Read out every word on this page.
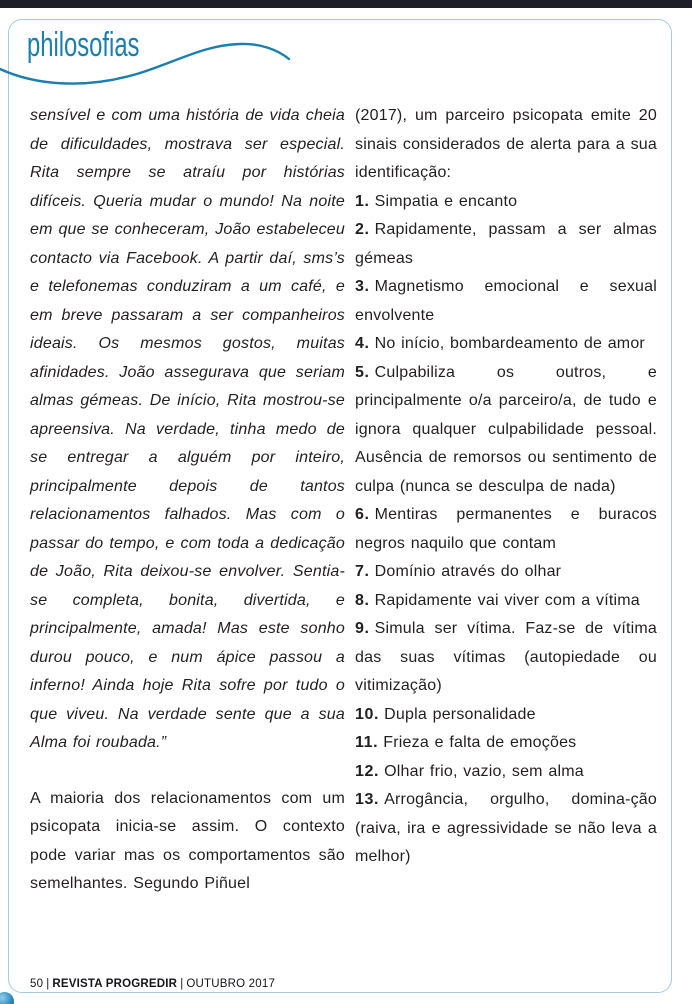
philosofias

sensível e com uma história de vida cheia de dificuldades, mostrava ser especial. Rita sempre se atraíu por histórias difíceis. Queria mudar o mundo! Na noite em que se conheceram, João estabeleceu contacto via Facebook. A partir daí, sms’s e telefonemas conduziram a um café, e em breve passaram a ser companheiros ideais. Os mesmos gostos, muitas afinidades. João assegurava que seriam almas gémeas. De início, Rita mostrou-se apreensiva. Na verdade, tinha medo de se entregar a alguém por inteiro, principalmente depois de tantos relacionamentos falhados. Mas com o passar do tempo, e com toda a dedicação de João, Rita deixou-se envolver. Sentia-se completa, bonita, divertida, e principalmente, amada! Mas este sonho durou pouco, e num ápice passou a inferno! Ainda hoje Rita sofre por tudo o que viveu. Na verdade sente que a sua Alma foi roubada.”

A maioria dos relacionamentos com um psicopata inicia-se assim. O contexto pode variar mas os comportamentos são semelhantes. Segundo Piñuel

(2017), um parceiro psicopata emite 20 sinais considerados de alerta para a sua identificação:

1. Simpatia e encanto

2. Rapidamente, passam a ser almas gémeas

3. Magnetismo emocional e sexual envolvente

4. No início, bombardeamento de amor

5. Culpabiliza os outros, e principalmente o/a parceiro/a, de tudo e ignora qualquer culpabilidade pessoal. Ausência de remorsos ou sentimento de culpa (nunca se desculpa de nada)

6. Mentiras permanentes e buracos negros naquilo que contam

7. Domínio através do olhar

8. Rapidamente vai viver com a vítima

9. Simula ser vítima. Faz-se de vítima das suas vítimas (autopiedade ou vitimização)

10. Dupla personalidade

11. Frieza e falta de emoções

12. Olhar frio, vazio, sem alma

13. Arrogância, orgulho, domina-ção (raiva, ira e agressividade se não leva a melhor)

50 | REVISTA PROGREDIR | OUTUBRO 2017
